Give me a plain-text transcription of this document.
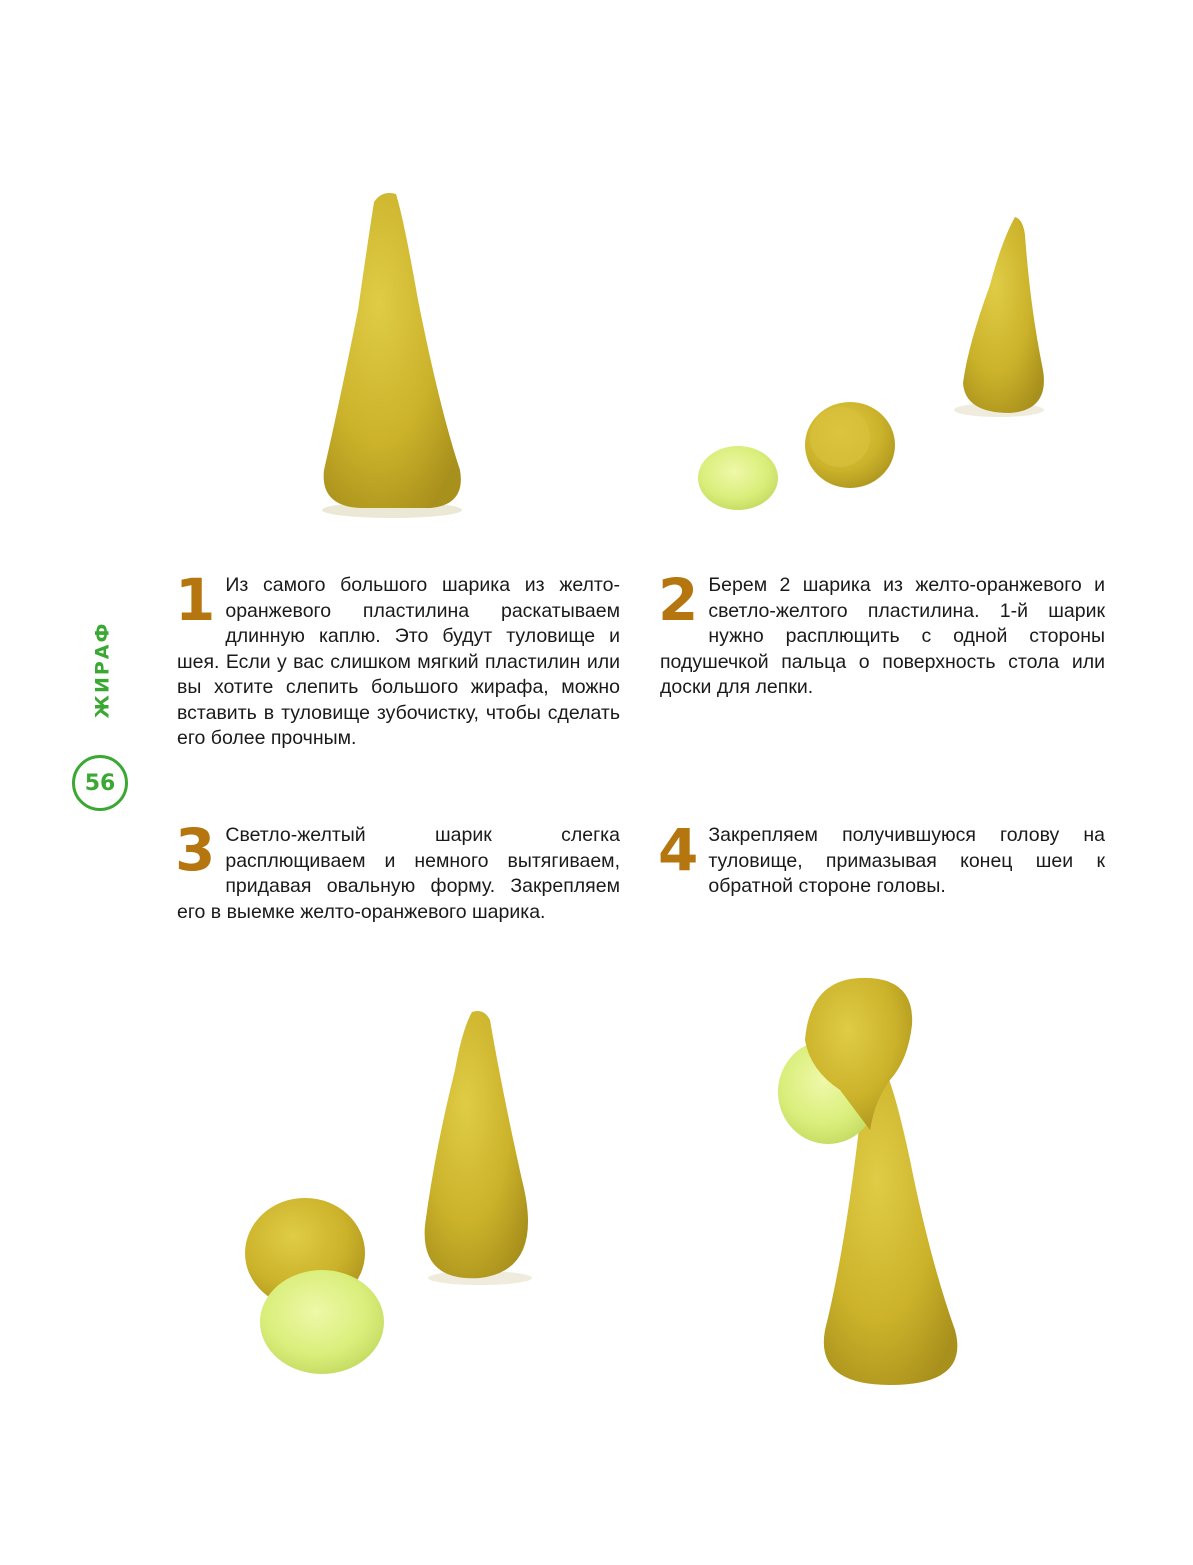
ЖИРАФ
56
1 Из самого большого шарика из желто-оранжевого пластилина раскатываем длинную каплю. Это будут туловище и шея. Если у вас слишком мягкий пластилин или вы хотите слепить большого жирафа, можно вставить в туловище зубочистку, чтобы сделать его более прочным.
2 Берем 2 шарика из желто-оранжевого и светло-желтого пластилина. 1-й шарик нужно расплющить с одной стороны подушечкой пальца о поверхность стола или доски для лепки.
3 Светло-желтый шарик слегка расплющиваем и немного вытягиваем, придавая овальную форму. Закрепляем его в выемке желто-оранжевого шарика.
4 Закрепляем получившуюся голову на туловище, примазывая конец шеи к обратной стороне головы.
